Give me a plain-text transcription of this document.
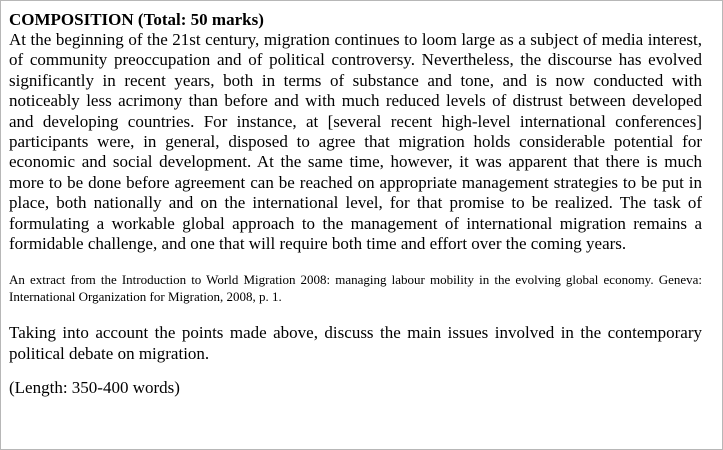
COMPOSITION (Total: 50 marks)

At the beginning of the 21st century, migration continues to loom large as a subject of media interest, of community preoccupation and of political controversy. Nevertheless, the discourse has evolved significantly in recent years, both in terms of substance and tone, and is now conducted with noticeably less acrimony than before and with much reduced levels of distrust between developed and developing countries. For instance, at [several recent high-level international conferences] participants were, in general, disposed to agree that migration holds considerable potential for economic and social development. At the same time, however, it was apparent that there is much more to be done before agreement can be reached on appropriate management strategies to be put in place, both nationally and on the international level, for that promise to be realized. The task of formulating a workable global approach to the management of international migration remains a formidable challenge, and one that will require both time and effort over the coming years.

An extract from the Introduction to World Migration 2008: managing labour mobility in the evolving global economy. Geneva: International Organization for Migration, 2008, p. 1.

Taking into account the points made above, discuss the main issues involved in the contemporary political debate on migration.

(Length: 350-400 words)
